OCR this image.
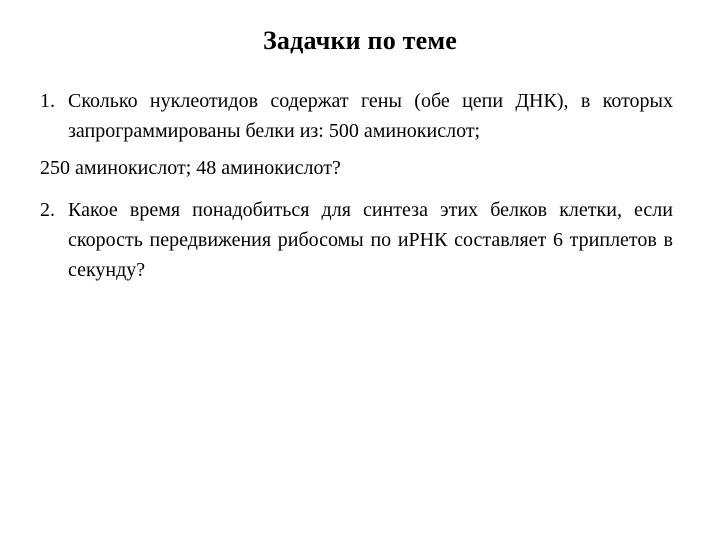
Задачки по теме
1. Сколько нуклеотидов содержат гены (обе цепи ДНК), в которых запрограммированы белки из: 500 аминокислот;
250 аминокислот; 48 аминокислот?
2. Какое время понадобиться для синтеза этих белков клетки, если скорость передвижения рибосомы по иРНК составляет 6 триплетов в секунду?
